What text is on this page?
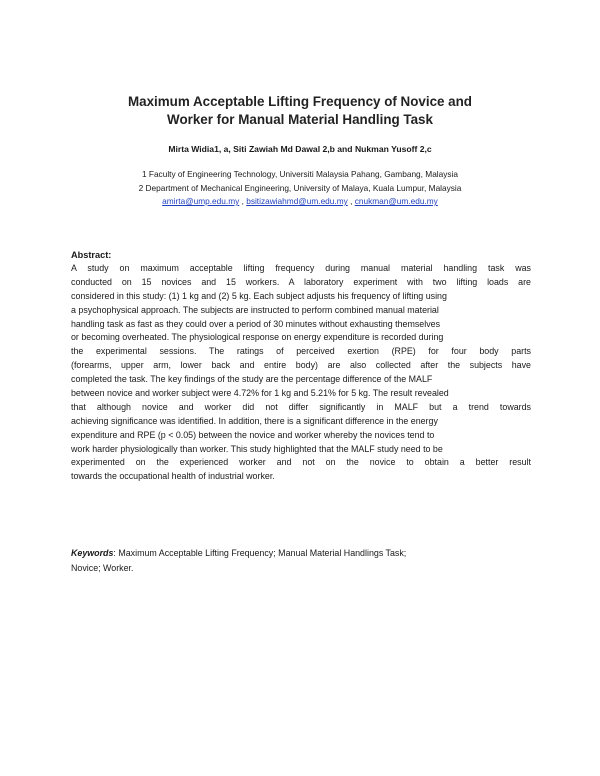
Maximum Acceptable Lifting Frequency of Novice and
Worker for Manual Material Handling Task
Mirta Widia1, a, Siti Zawiah Md Dawal 2,b and Nukman Yusoff 2,c
1 Faculty of Engineering Technology, Universiti Malaysia Pahang, Gambang, Malaysia
2 Department of Mechanical Engineering, University of Malaya, Kuala Lumpur, Malaysia
amirta@ump.edu.my , bsitizawiahmd@um.edu.my , cnukman@um.edu.my
Abstract:
A study on maximum acceptable lifting frequency during manual material handling task was
conducted on 15 novices and 15 workers. A laboratory experiment with two lifting loads are
considered in this study: (1) 1 kg and (2) 5 kg. Each subject adjusts his frequency of lifting using
a psychophysical approach. The subjects are instructed to perform combined manual material
handling task as fast as they could over a period of 30 minutes without exhausting themselves
or becoming overheated. The physiological response on energy expenditure is recorded during
the experimental sessions. The ratings of perceived exertion (RPE) for four body parts
(forearms, upper arm, lower back and entire body) are also collected after the subjects have
completed the task. The key findings of the study are the percentage difference of the MALF
between novice and worker subject were 4.72% for 1 kg and 5.21% for 5 kg. The result revealed
that although novice and worker did not differ significantly in MALF but a trend towards
achieving significance was identified. In addition, there is a significant difference in the energy
expenditure and RPE (p < 0.05) between the novice and worker whereby the novices tend to
work harder physiologically than worker. This study highlighted that the MALF study need to be
experimented on the experienced worker and not on the novice to obtain a better result
towards the occupational health of industrial worker.
Keywords: Maximum Acceptable Lifting Frequency; Manual Material Handlings Task;
Novice; Worker.
